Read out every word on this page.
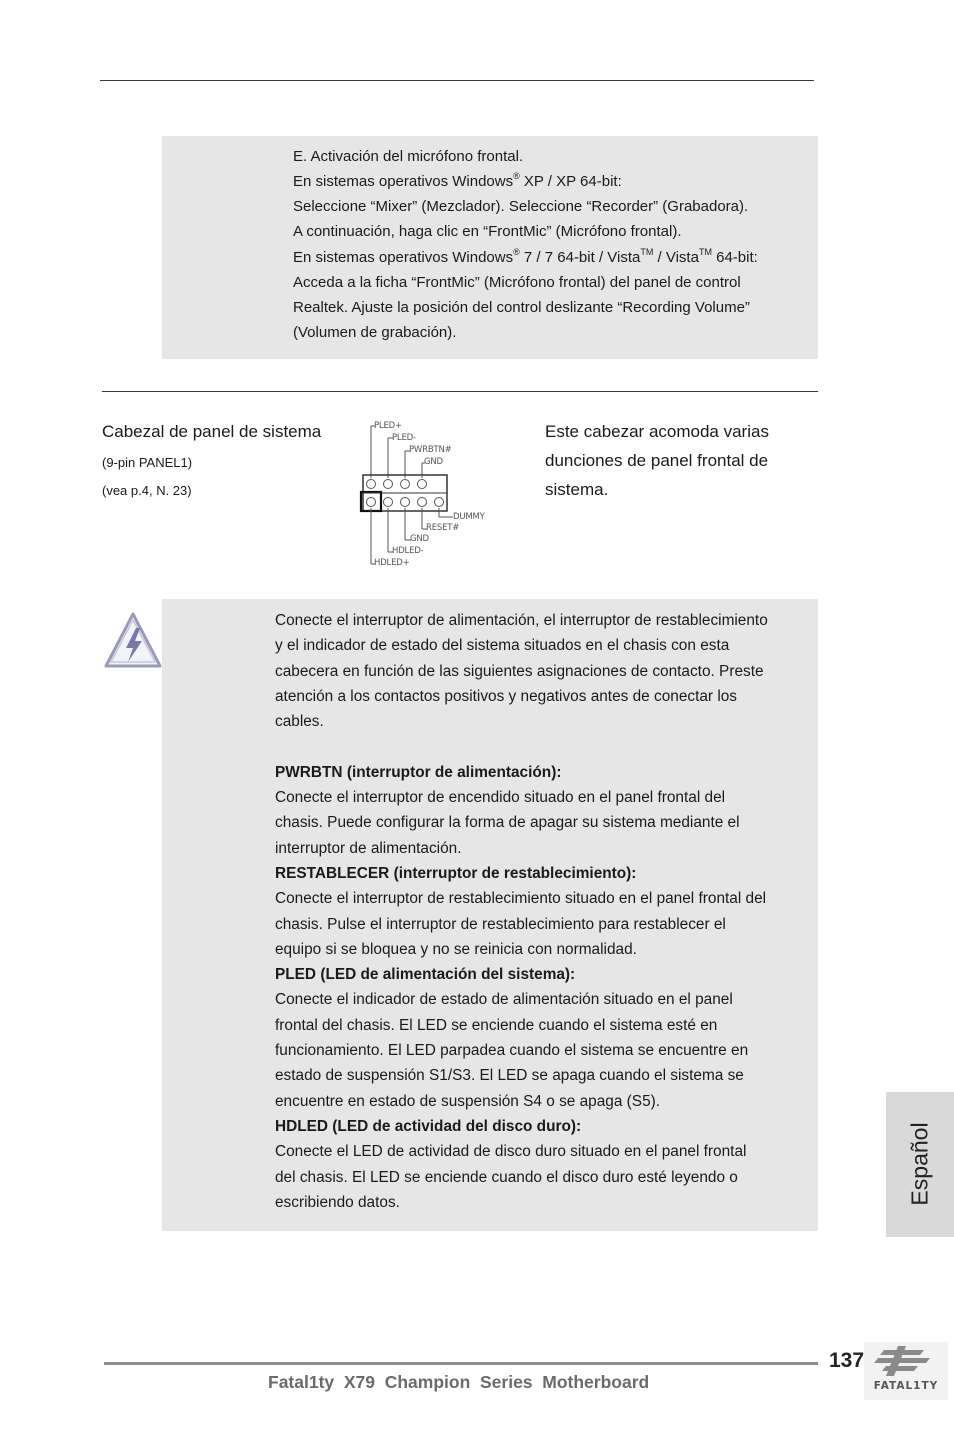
E. Activación del micrófono frontal.
En sistemas operativos Windows® XP / XP 64-bit:
Seleccione “Mixer” (Mezclador). Seleccione “Recorder” (Grabadora).
A continuación, haga clic en “FrontMic” (Micrófono frontal).
En sistemas operativos Windows® 7 / 7 64-bit / Vista™ / Vista™ 64-bit:
Acceda a la ficha “FrontMic” (Micrófono frontal) del panel de control
Realtek. Ajuste la posición del control deslizante “Recording Volume”
(Volumen de grabación).
Cabezal de panel de sistema
(9-pin PANEL1)
(vea p.4, N. 23)
PLED+
PLED-
PWRBTN#
GND
DUMMY
RESET#
GND
HDLED-
HDLED+
Este cabezar acomoda varias
dunciones de panel frontal de
sistema.

Conecte el interruptor de alimentación, el interruptor de restablecimiento

y el indicador de estado del sistema situados en el chasis con esta

cabecera en función de las siguientes asignaciones de contacto. Preste

atención a los contactos positivos y negativos antes de conectar los

cables.

PWRBTN (interruptor de alimentación):

Conecte el interruptor de encendido situado en el panel frontal del

chasis. Puede configurar la forma de apagar su sistema mediante el

interruptor de alimentación.

RESTABLECER (interruptor de restablecimiento):

Conecte el interruptor de restablecimiento situado en el panel frontal del

chasis. Pulse el interruptor de restablecimiento para restablecer el

equipo si se bloquea y no se reinicia con normalidad.

PLED (LED de alimentación del sistema):

Conecte el indicador de estado de alimentación situado en el panel

frontal del chasis. El LED se enciende cuando el sistema esté en

funcionamiento. El LED parpadea cuando el sistema se encuentre en

estado de suspensión S1/S3. El LED se apaga cuando el sistema se

encuentre en estado de suspensión S4 o se apaga (S5).

HDLED (LED de actividad del disco duro):

Conecte el LED de actividad de disco duro situado en el panel frontal

del chasis. El LED se enciende cuando el disco duro esté leyendo o

escribiendo datos.	Español
137
Fatal1ty  X79  Champion  Series  Motherboard	FATAL1TY
